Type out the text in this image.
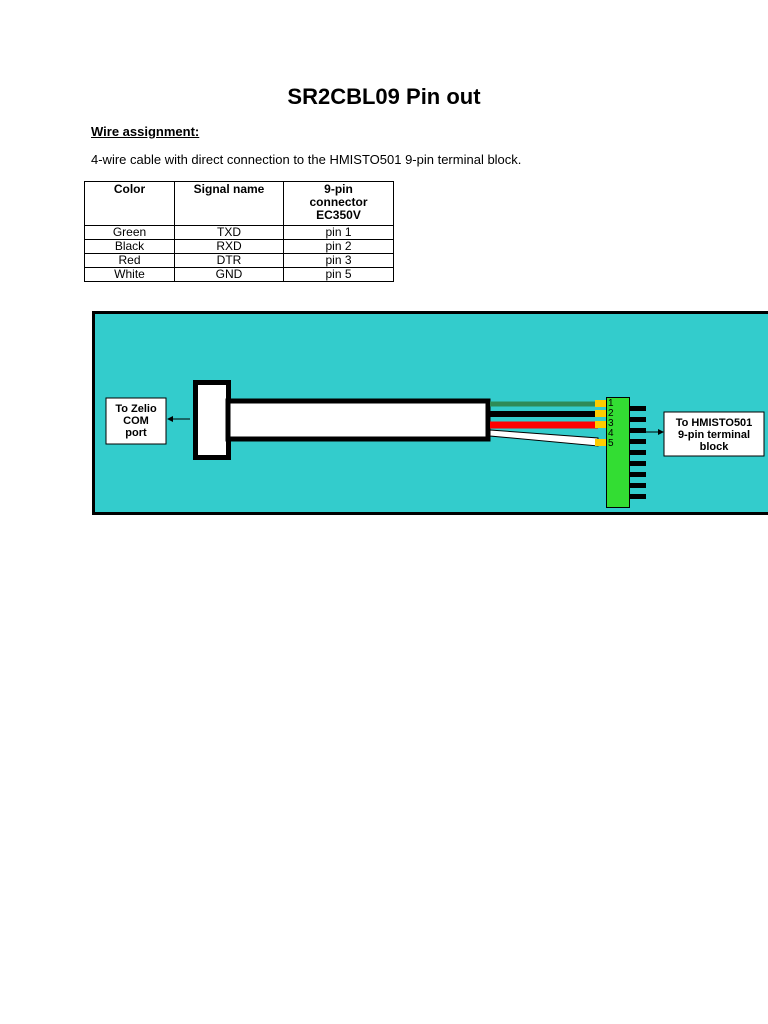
SR2CBL09 Pin out

Wire assignment:

4-wire cable with direct connection to the HMISTO501 9-pin terminal block.

Color	Signal name	9-pin
connector
EC350V
Green	TXD	pin 1
Black	RXD	pin 2
Red	DTR	pin 3
White	GND	pin 5
To Zelio
COM
port
1
2
3
4
5
To HMISTO501
9-pin terminal
block
